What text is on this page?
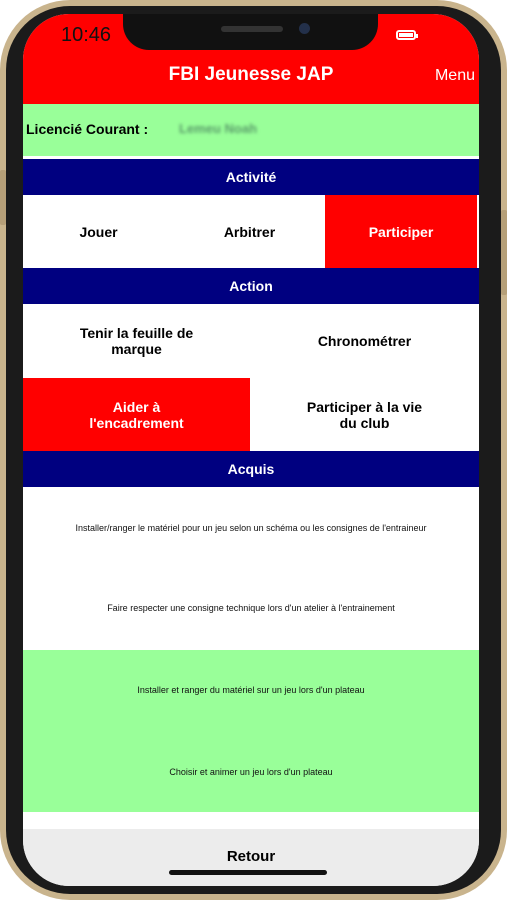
10:46
FBI Jeunesse JAP	Menu
Licencié Courant : Lemeu Noah
Activité
Jouer	Arbitrer	Participer
Action
Tenir la feuille de marque	Chronométrer
Aider à l'encadrement
Participer à la vie du club
Acquis
Installer/ranger le matériel pour un jeu selon un schéma ou les consignes de l'entraineur
Faire respecter une consigne technique lors d'un atelier à l'entrainement
Installer et ranger du matériel sur un jeu lors d'un plateau
Choisir et animer un jeu lors d'un plateau
Retour
